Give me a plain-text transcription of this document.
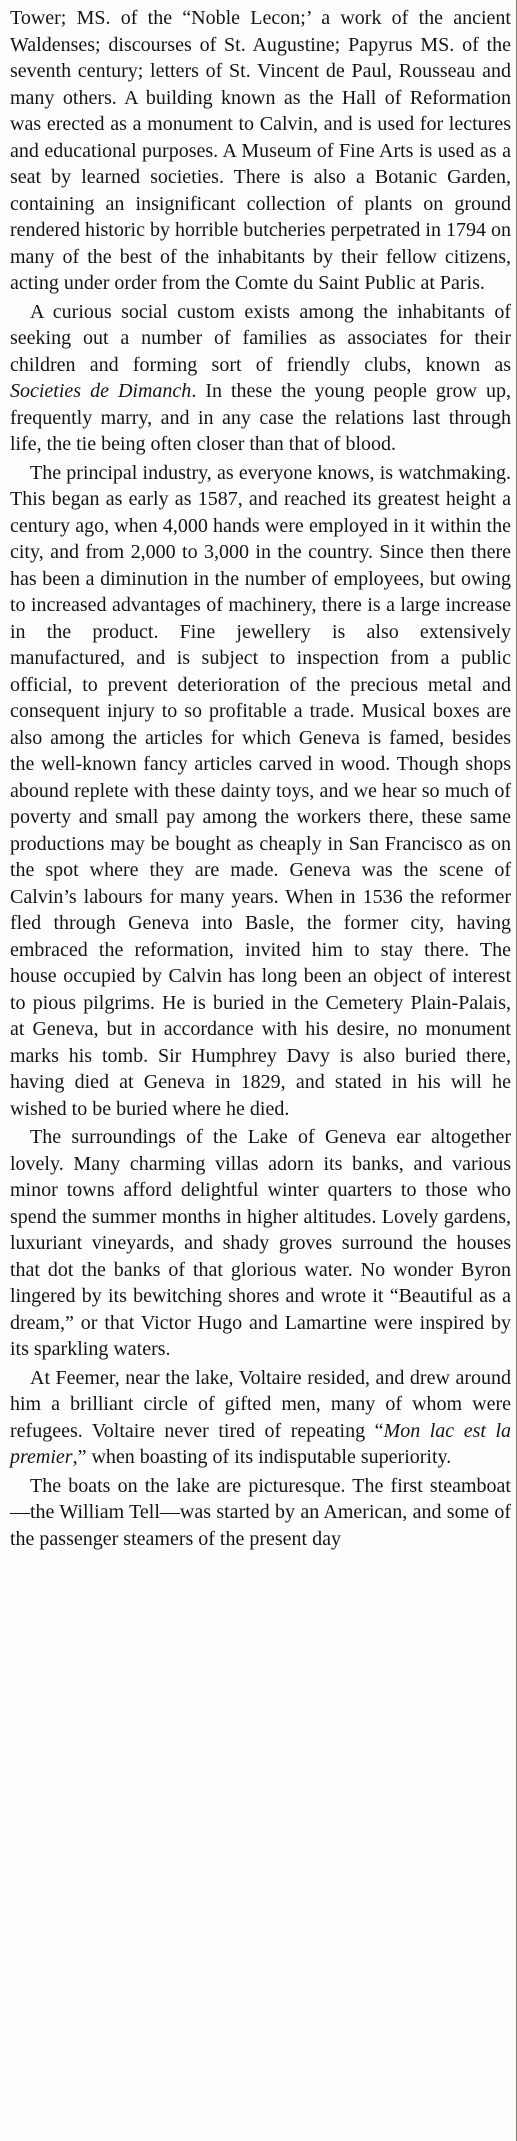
Tower; MS. of the “Noble Lecon;’ a work of the ancient Waldenses; discourses of St. Augustine; Papyrus MS. of the seventh century; letters of St. Vincent de Paul, Rousseau and many others. A building known as the Hall of Reformation was erected as a monument to Calvin, and is used for lectures and educational purposes. A Museum of Fine Arts is used as a seat by learned societies. There is also a Botanic Garden, containing an insignificant collection of plants on ground rendered historic by horrible butcheries perpetrated in 1794 on many of the best of the inhabitants by their fellow citizens, acting under order from the Comte du Saint Public at Paris.

A curious social custom exists among the inhabitants of seeking out a number of families as associates for their children and forming sort of friendly clubs, known as Societies de Dimanch. In these the young people grow up, frequently marry, and in any case the relations last through life, the tie being often closer than that of blood.

The principal industry, as everyone knows, is watchmaking. This began as early as 1587, and reached its greatest height a century ago, when 4,000 hands were employed in it within the city, and from 2,000 to 3,000 in the country. Since then there has been a diminution in the number of employees, but owing to increased advantages of machinery, there is a large increase in the product. Fine jewellery is also extensively manufactured, and is subject to inspection from a public official, to prevent deterioration of the precious metal and consequent injury to so profitable a trade. Musical boxes are also among the articles for which Geneva is famed, besides the well-known fancy articles carved in wood. Though shops abound replete with these dainty toys, and we hear so much of poverty and small pay among the workers there, these same productions may be bought as cheaply in San Francisco as on the spot where they are made. Geneva was the scene of Calvin’s labours for many years. When in 1536 the reformer fled through Geneva into Basle, the former city, having embraced the reformation, invited him to stay there. The house occupied by Calvin has long been an object of interest to pious pilgrims. He is buried in the Cemetery Plain-Palais, at Geneva, but in accordance with his desire, no monument marks his tomb. Sir Humphrey Davy is also buried there, having died at Geneva in 1829, and stated in his will he wished to be buried where he died.

The surroundings of the Lake of Geneva ear altogether lovely. Many charming villas adorn its banks, and various minor towns afford delightful winter quarters to those who spend the summer months in higher altitudes. Lovely gardens, luxuriant vineyards, and shady groves surround the houses that dot the banks of that glorious water. No wonder Byron lingered by its bewitching shores and wrote it “Beautiful as a dream,” or that Victor Hugo and Lamartine were inspired by its sparkling waters.

At Feemer, near the lake, Voltaire resided, and drew around him a brilliant circle of gifted men, many of whom were refugees. Voltaire never tired of repeating “Mon lac est la premier,” when boasting of its indisputable superiority.

The boats on the lake are picturesque. The first steamboat—the William Tell—was started by an American, and some of the passenger steamers of the present day
